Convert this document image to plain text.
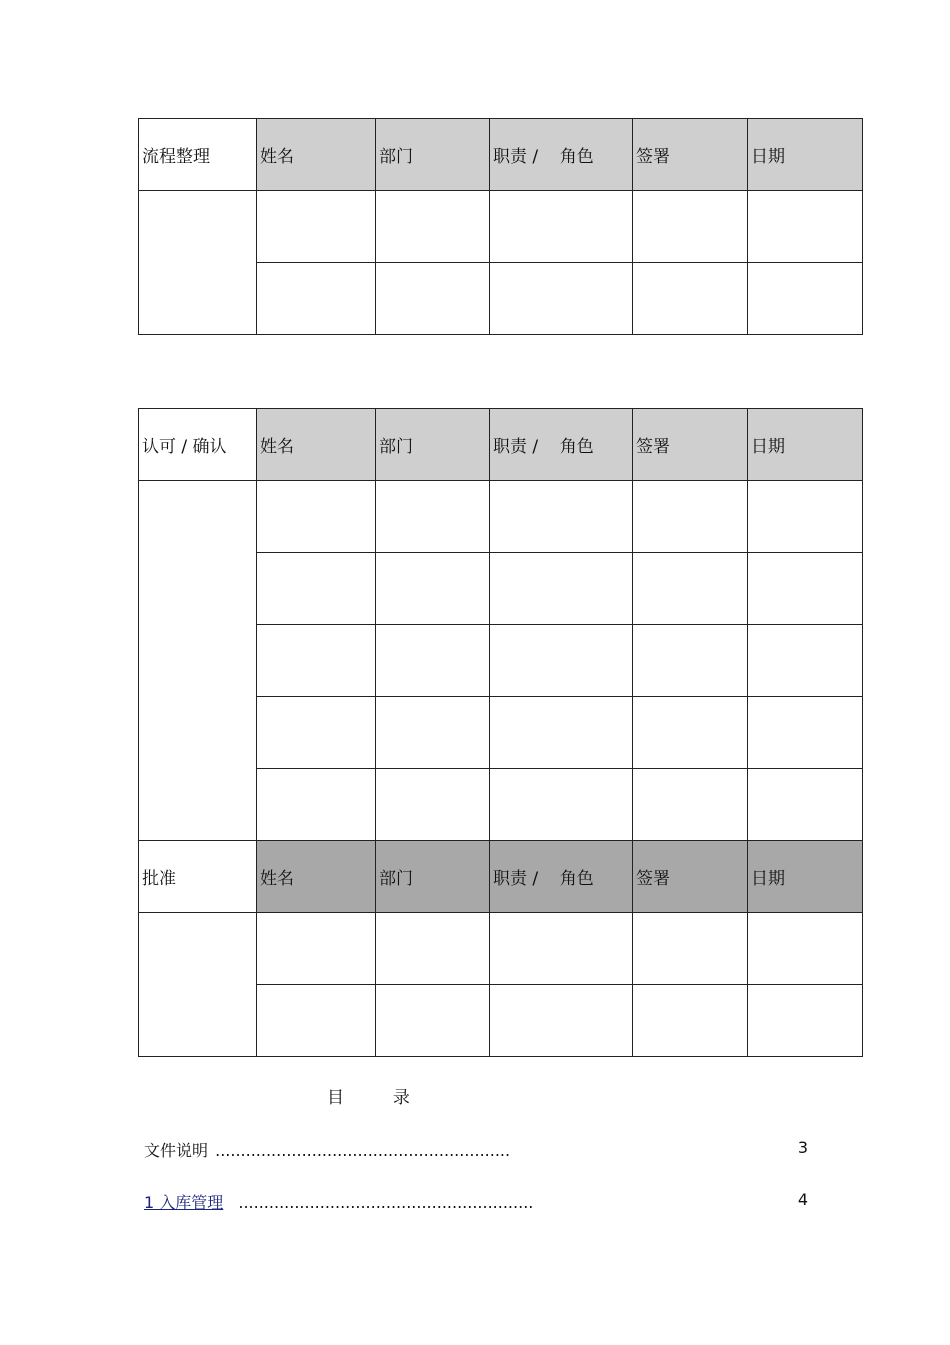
流程整理	姓名	部门	职责 /    角色	签署	日期

认可 / 确认	姓名	部门	职责 /    角色	签署	日期

批准	姓名	部门	职责 /    角色	签署	日期

目	录
文件说明 ..........................................................	3
1 入库管理 ..........................................................	4
